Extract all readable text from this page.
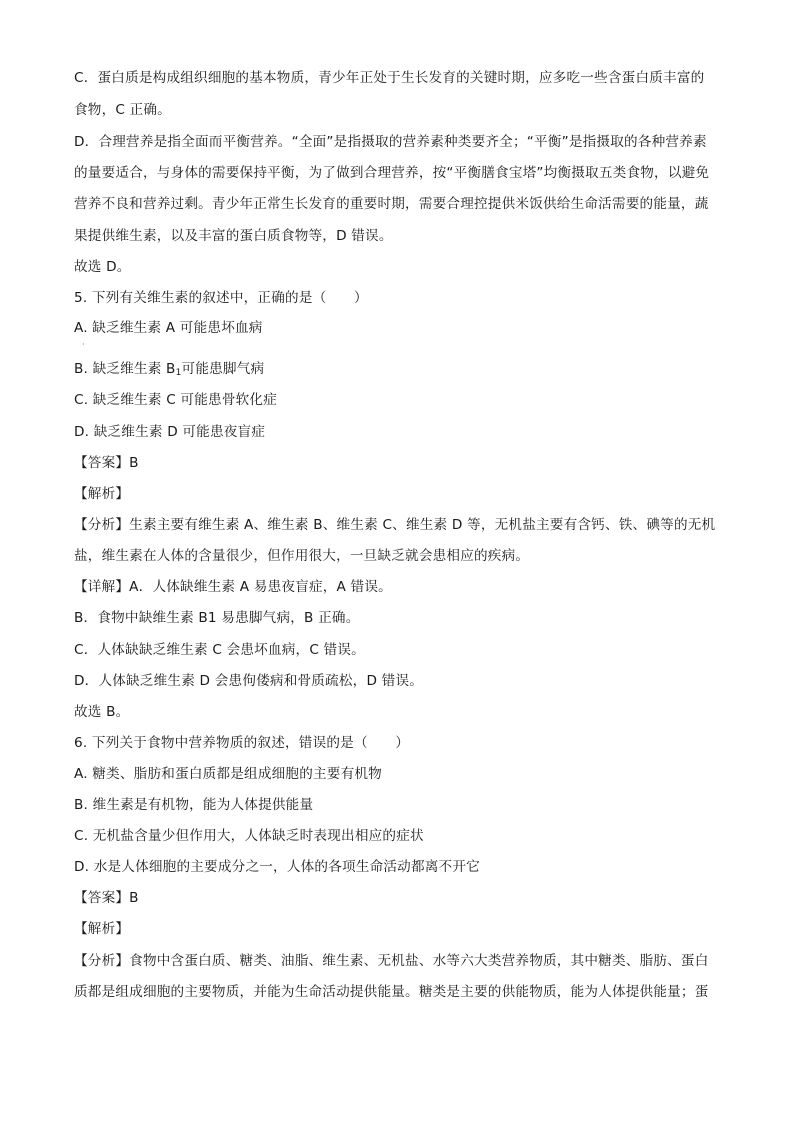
C．蛋白质是构成组织细胞的基本物质，青少年正处于生长发育的关键时期，应多吃一些含蛋白质丰富的
食物，C 正确。
D．合理营养是指全面而平衡营养。“全面”是指摄取的营养素种类要齐全；“平衡”是指摄取的各种营养素
的量要适合，与身体的需要保持平衡，为了做到合理营养，按“平衡膳食宝塔”均衡摄取五类食物，以避免
营养不良和营养过剩。青少年正常生长发育的重要时期，需要合理控提供米饭供给生命活需要的能量，蔬
果提供维生素，以及丰富的蛋白质食物等，D 错误。
故选 D。
5. 下列有关维生素的叙述中，正确的是（　　）
A. 缺乏维生素 A 可能患坏血病
·
B. 缺乏维生素 $B_1$可能患脚气病
C. 缺乏维生素 C 可能患骨软化症
D. 缺乏维生素 D 可能患夜盲症
【答案】B
【解析】
【分析】生素主要有维生素 A、维生素 B、维生素 C、维生素 D 等，无机盐主要有含钙、铁、碘等的无机
盐，维生素在人体的含量很少，但作用很大，一旦缺乏就会患相应的疾病。
【详解】A．人体缺维生素 A 易患夜盲症，A 错误。
B．食物中缺维生素 B1 易患脚气病，B 正确。
C．人体缺缺乏维生素 C 会患坏血病，C 错误。
D．人体缺乏维生素 D 会患佝偻病和骨质疏松，D 错误。
故选 B。
6. 下列关于食物中营养物质的叙述，错误的是（　　）
A. 糖类、脂肪和蛋白质都是组成细胞的主要有机物
B. 维生素是有机物，能为人体提供能量
C. 无机盐含量少但作用大，人体缺乏时表现出相应的症状
D. 水是人体细胞的主要成分之一，人体的各项生命活动都离不开它
【答案】B
【解析】
【分析】食物中含蛋白质、糖类、油脂、维生素、无机盐、水等六大类营养物质，其中糖类、脂肪、蛋白
质都是组成细胞的主要物质，并能为生命活动提供能量。糖类是主要的供能物质，能为人体提供能量；蛋
